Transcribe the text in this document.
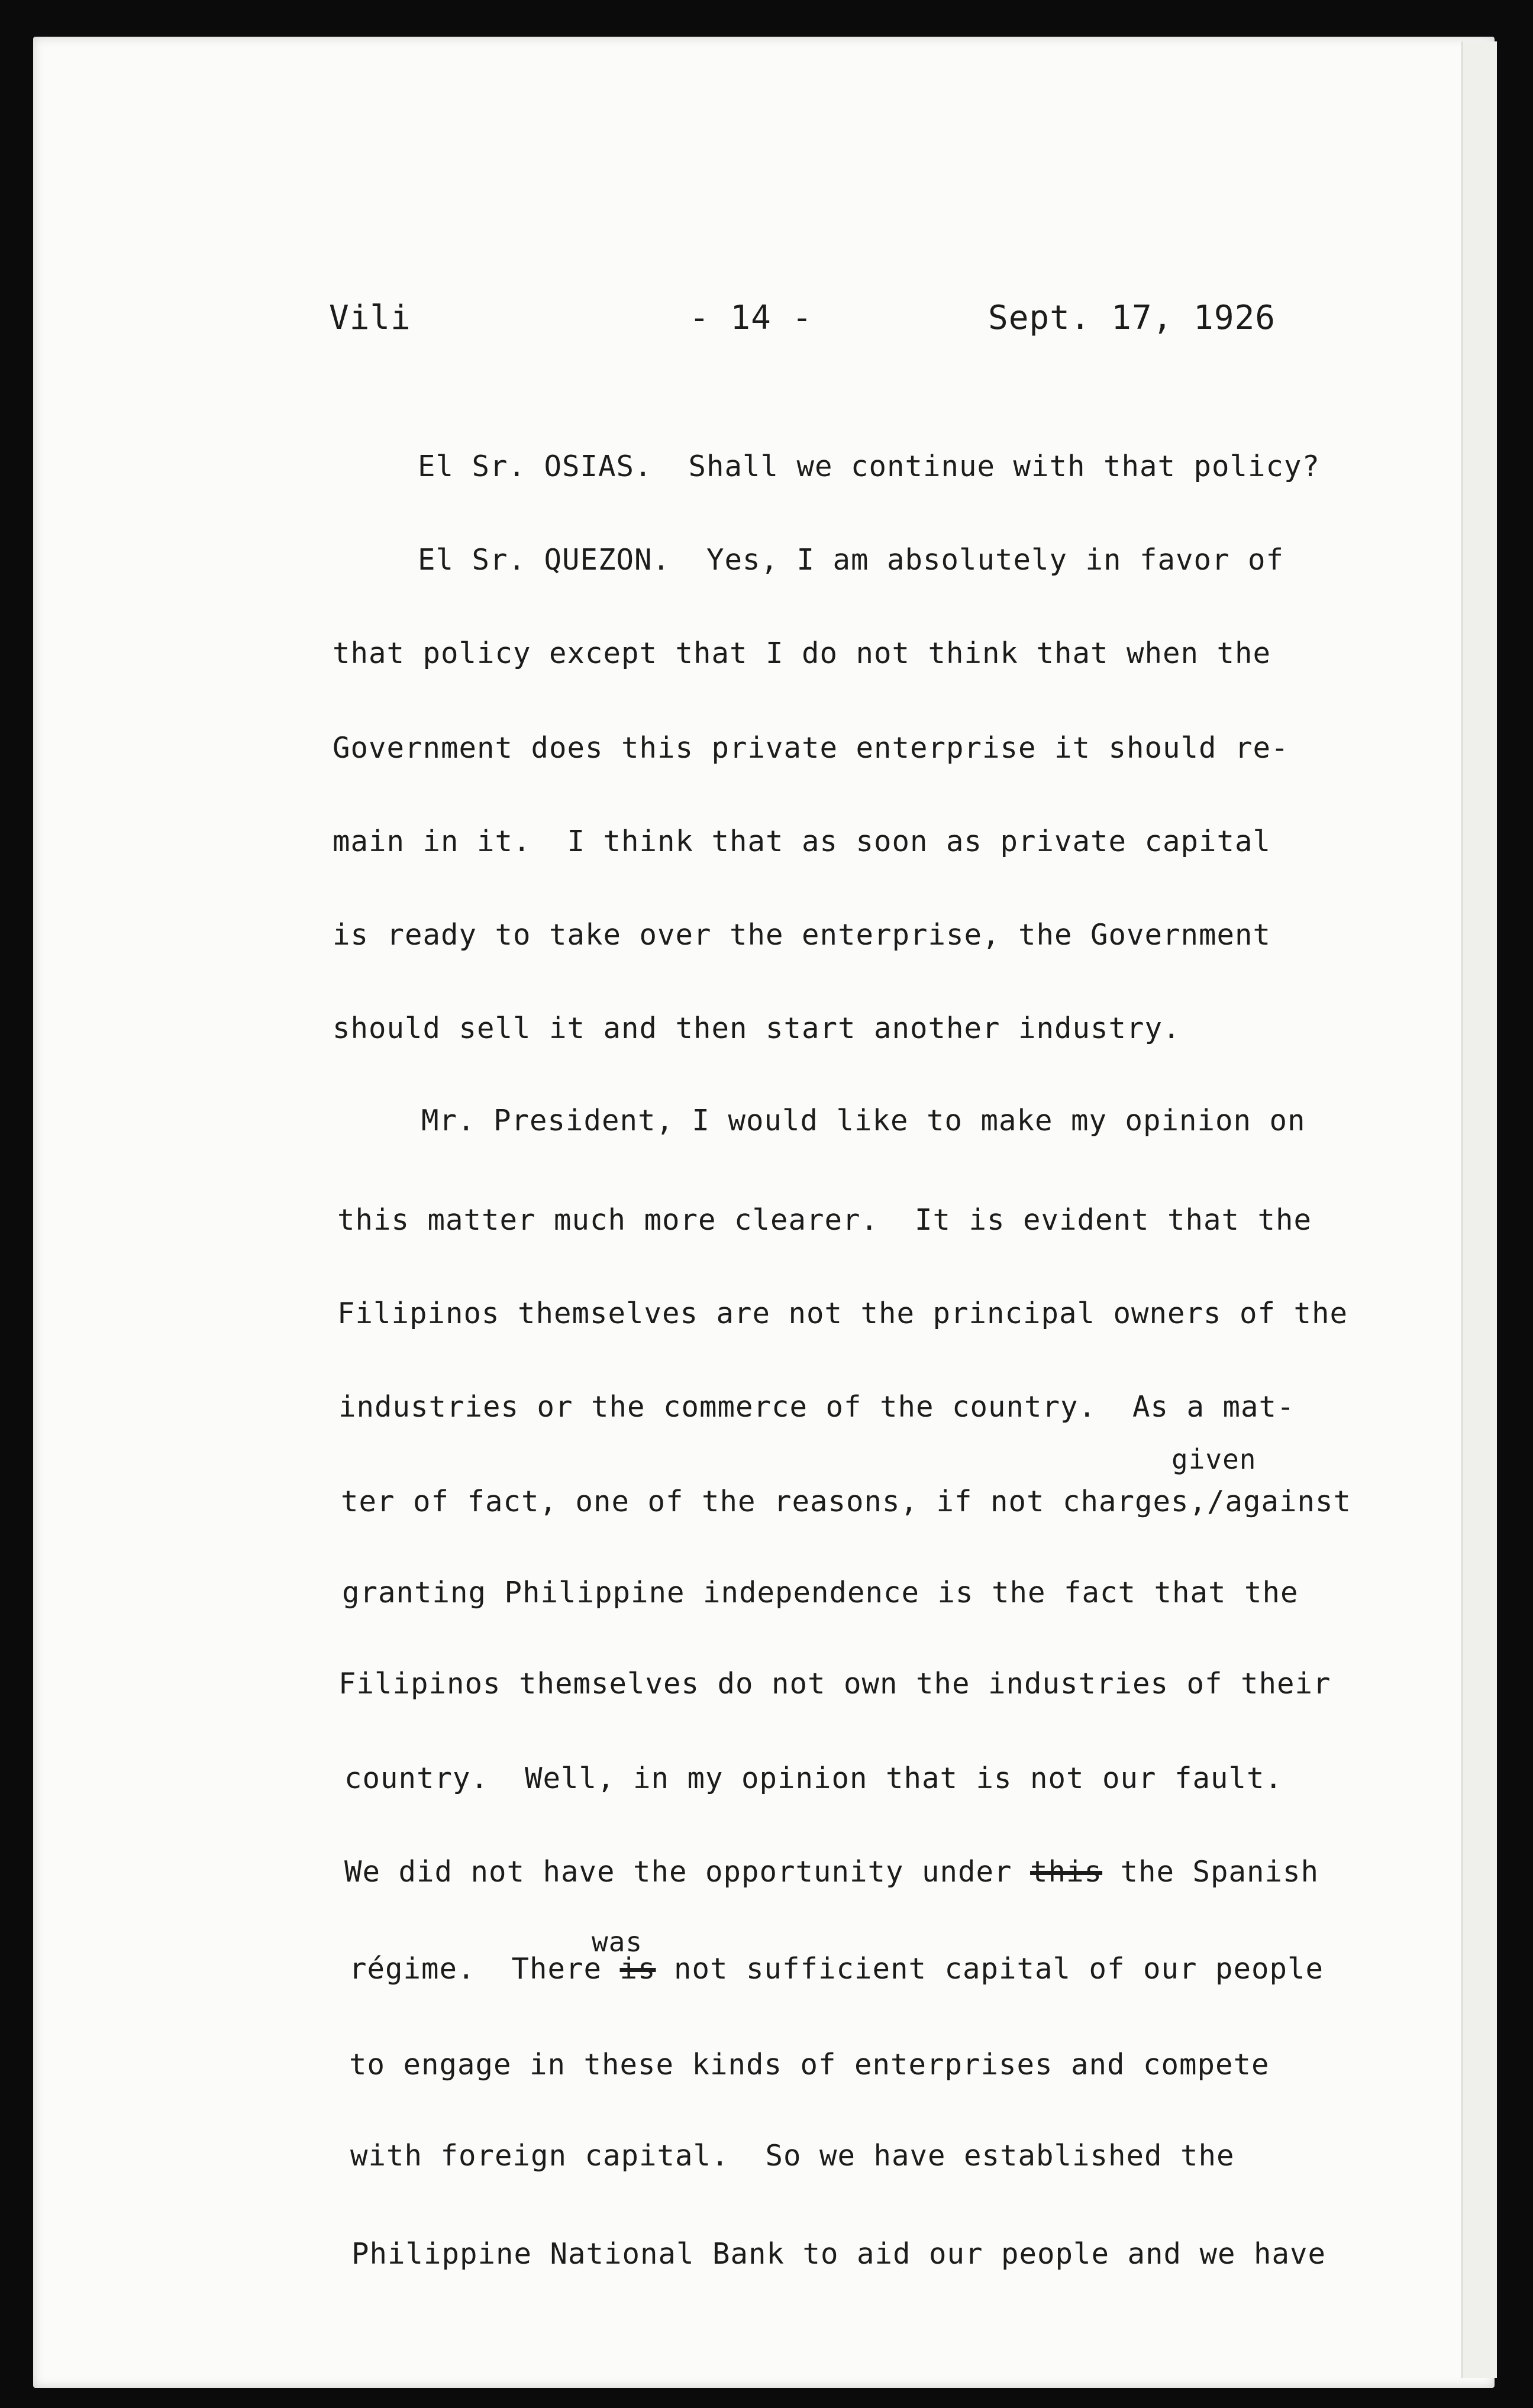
Vili	- 14 -	Sept. 17, 1926
El Sr. OSIAS.  Shall we continue with that policy?
El Sr. QUEZON.  Yes, I am absolutely in favor of
that policy except that I do not think that when the
Government does this private enterprise it should re-
main in it.  I think that as soon as private capital
is ready to take over the enterprise, the Government
should sell it and then start another industry.
Mr. President, I would like to make my opinion on
this matter much more clearer.  It is evident that the
Filipinos themselves are not the principal owners of the
industries or the commerce of the country.  As a mat-
given
ter of fact, one of the reasons, if not charges,/against
granting Philippine independence is the fact that the
Filipinos themselves do not own the industries of their
country.  Well, in my opinion that is not our fault.
We did not have the opportunity under this the Spanish
was
régime.  There is not sufficient capital of our people
to engage in these kinds of enterprises and compete
with foreign capital.  So we have established the
Philippine National Bank to aid our people and we have
